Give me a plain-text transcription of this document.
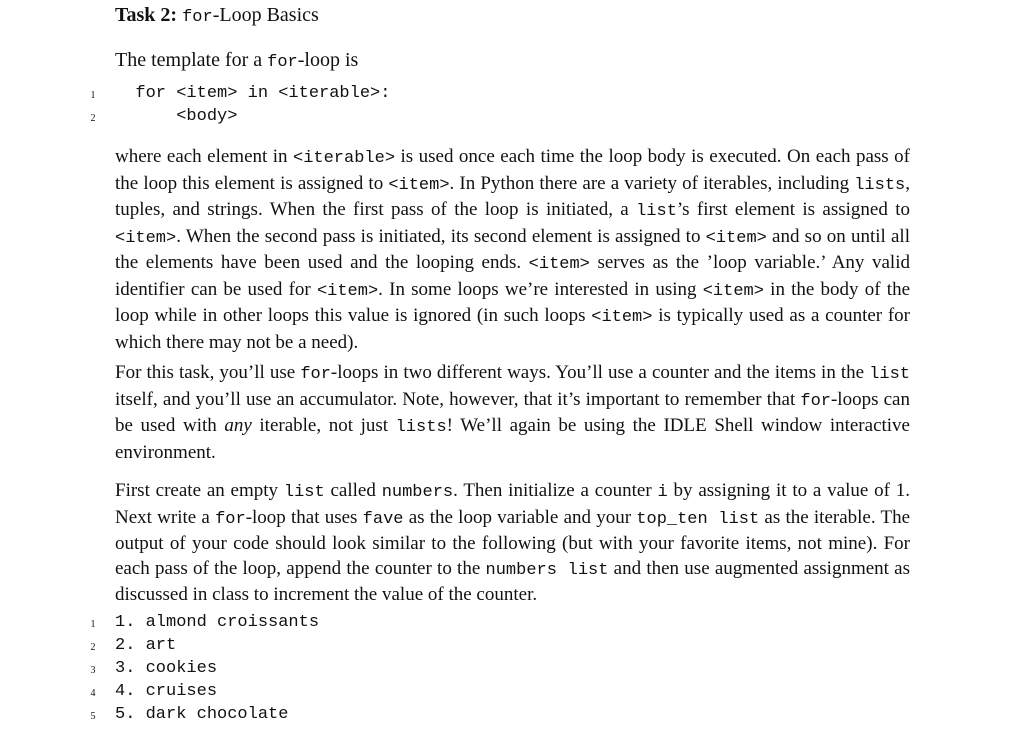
Task 2: for-Loop Basics
The template for a for-loop is
1 for <item> in <iterable>:
2 <body>
where each element in <iterable> is used once each time the loop body is executed. On each pass of the loop this element is assigned to <item>. In Python there are a variety of iterables, including lists, tuples, and strings. When the first pass of the loop is initiated, a list’s first element is assigned to <item>. When the second pass is initiated, its second element is assigned to <item> and so on until all the elements have been used and the looping ends. <item> serves as the ’loop variable.’ Any valid identifier can be used for <item>. In some loops we’re interested in using <item> in the body of the loop while in other loops this value is ignored (in such loops <item> is typically used as a counter for which there may not be a need).
For this task, you’ll use for-loops in two different ways. You’ll use a counter and the items in the list itself, and you’ll use an accumulator. Note, however, that it’s important to remember that for-loops can be used with any iterable, not just lists! We’ll again be using the IDLE Shell window interactive environment.
First create an empty list called numbers. Then initialize a counter i by assigning it to a value of 1. Next write a for-loop that uses fave as the loop variable and your top_ten list as the iterable. The output of your code should look similar to the following (but with your favorite items, not mine). For each pass of the loop, append the counter to the numbers list and then use augmented assignment as discussed in class to increment the value of the counter.
1 1. almond croissants
2 2. art
3 3. cookies
4 4. cruises
5 5. dark chocolate
